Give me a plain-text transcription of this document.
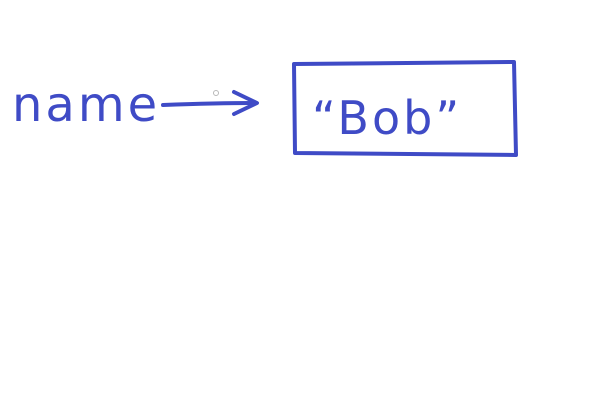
name	“Bob”
